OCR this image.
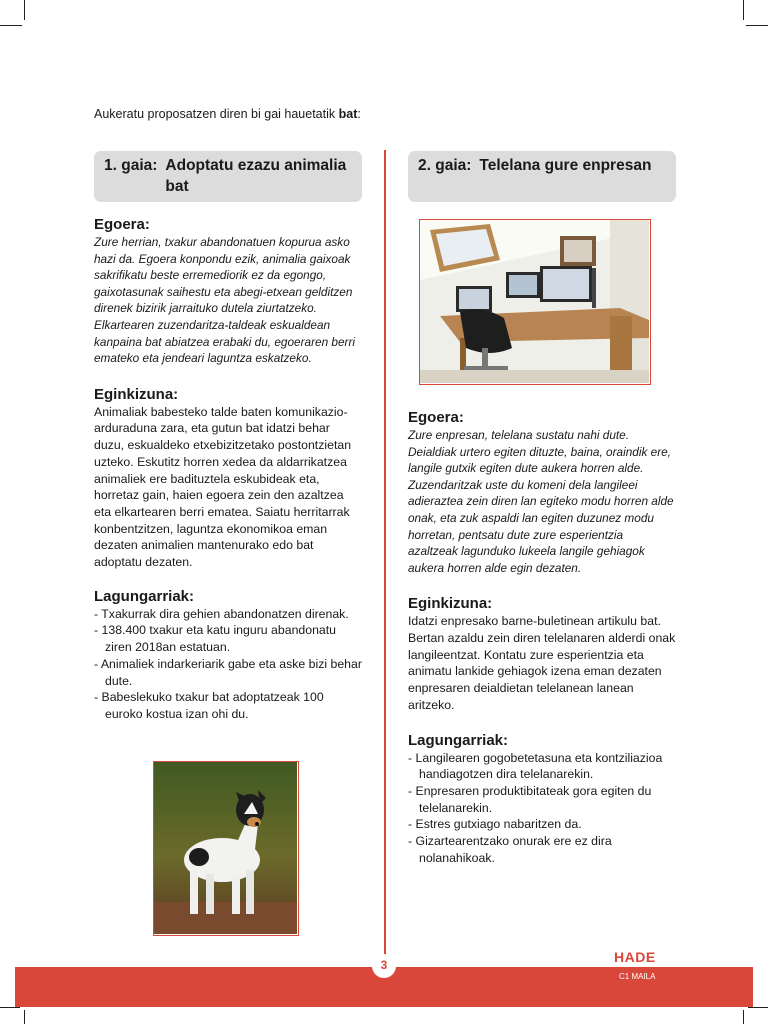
Aukeratu proposatzen diren bi gai hauetatik bat:
1. gaia: Adoptatu ezazu animalia bat
Egoera:

Zure herrian, txakur abandonatuen kopurua asko hazi da. Egoera konpondu ezik, animalia gaixoak sakrifikatu beste erremediorik ez da egongo, gaixotasunak saihestu eta abegi-etxean gelditzen direnek bizirik jarraituko dutela ziurtatzeko. Elkartearen zuzendaritza-taldeak eskualdean kanpaina bat abiatzea erabaki du, egoeraren berri emateko eta jendeari laguntza eskatzeko.

Eginkizuna:

Animaliak babesteko talde baten komunikazio-arduraduna zara, eta gutun bat idatzi behar duzu, eskualdeko etxebizitzetako postontzietan uzteko. Eskutitz horren xedea da aldarrikatzea animaliek ere badituztela eskubideak eta, horretaz gain, haien egoera zein den azaltzea eta elkartearen berri ematea. Saiatu herritarrak konbentzitzen, laguntza ekonomikoa eman dezaten animalien mantenurako edo bat adoptatu dezaten.

Lagungarriak:
- Txakurrak dira gehien abandonatzen direnak.
- 138.400 txakur eta katu inguru abandonatu ziren 2018an estatuan.
- Animaliek indarkeriarik gabe eta aske bizi behar dute.
- Babeslekuko txakur bat adoptatzeak 100 euroko kostua izan ohi du.
2. gaia: Telelana gure enpresan
Egoera:

Zure enpresan, telelana sustatu nahi dute. Deialdiak urtero egiten dituzte, baina, oraindik ere, langile gutxik egiten dute aukera horren alde. Zuzendaritzak uste du komeni dela langileei adieraztea zein diren lan egiteko modu horren alde onak, eta zuk aspaldi lan egiten duzunez modu horretan, pentsatu dute zure esperientzia azaltzeak lagunduko lukeela langile gehiagok aukera horren alde egin dezaten.

Eginkizuna:

Idatzi enpresako barne-buletinean artikulu bat. Bertan azaldu zein diren telelanaren alderdi onak langileentzat. Kontatu zure esperientzia eta animatu lankide gehiagok izena eman dezaten enpresaren deialdietan telelanean lanean aritzeko.

Lagungarriak:
- Langilearen gogobetetasuna eta kontziliazioa handiagotzen dira telelanarekin.
- Enpresaren produktibitateak gora egiten du telelanarekin.
- Estres gutxiago nabaritzen da.
- Gizartearentzako onurak ere ez dira nolanahikoak.
3	HADE
C1 MAILA
